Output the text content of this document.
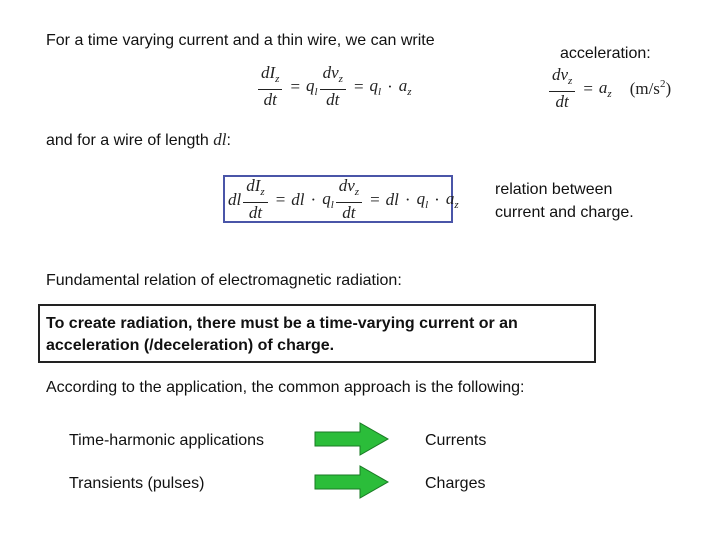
For a time varying current and a thin wire, we can write
$\frac{dI_z}{dt} = q_l \frac{dv_z}{dt} = q_l \cdot a_z$
acceleration:
$\frac{dv_z}{dt} = a_z$ $(m/s^2)$
and for a wire of length dl:
dl $\frac{dI_z}{dt}$ = dl · $q_l \frac{dv_z}{dt}$ = dl · $q_l \cdot a_z$
relation between
current and charge.
Fundamental relation of electromagnetic radiation:
To create radiation, there must be a time-varying current or an
acceleration (/deceleration) of charge.
According to the application, the common approach is the following:
Time-harmonic applications	Currents
Transients (pulses)	Charges
